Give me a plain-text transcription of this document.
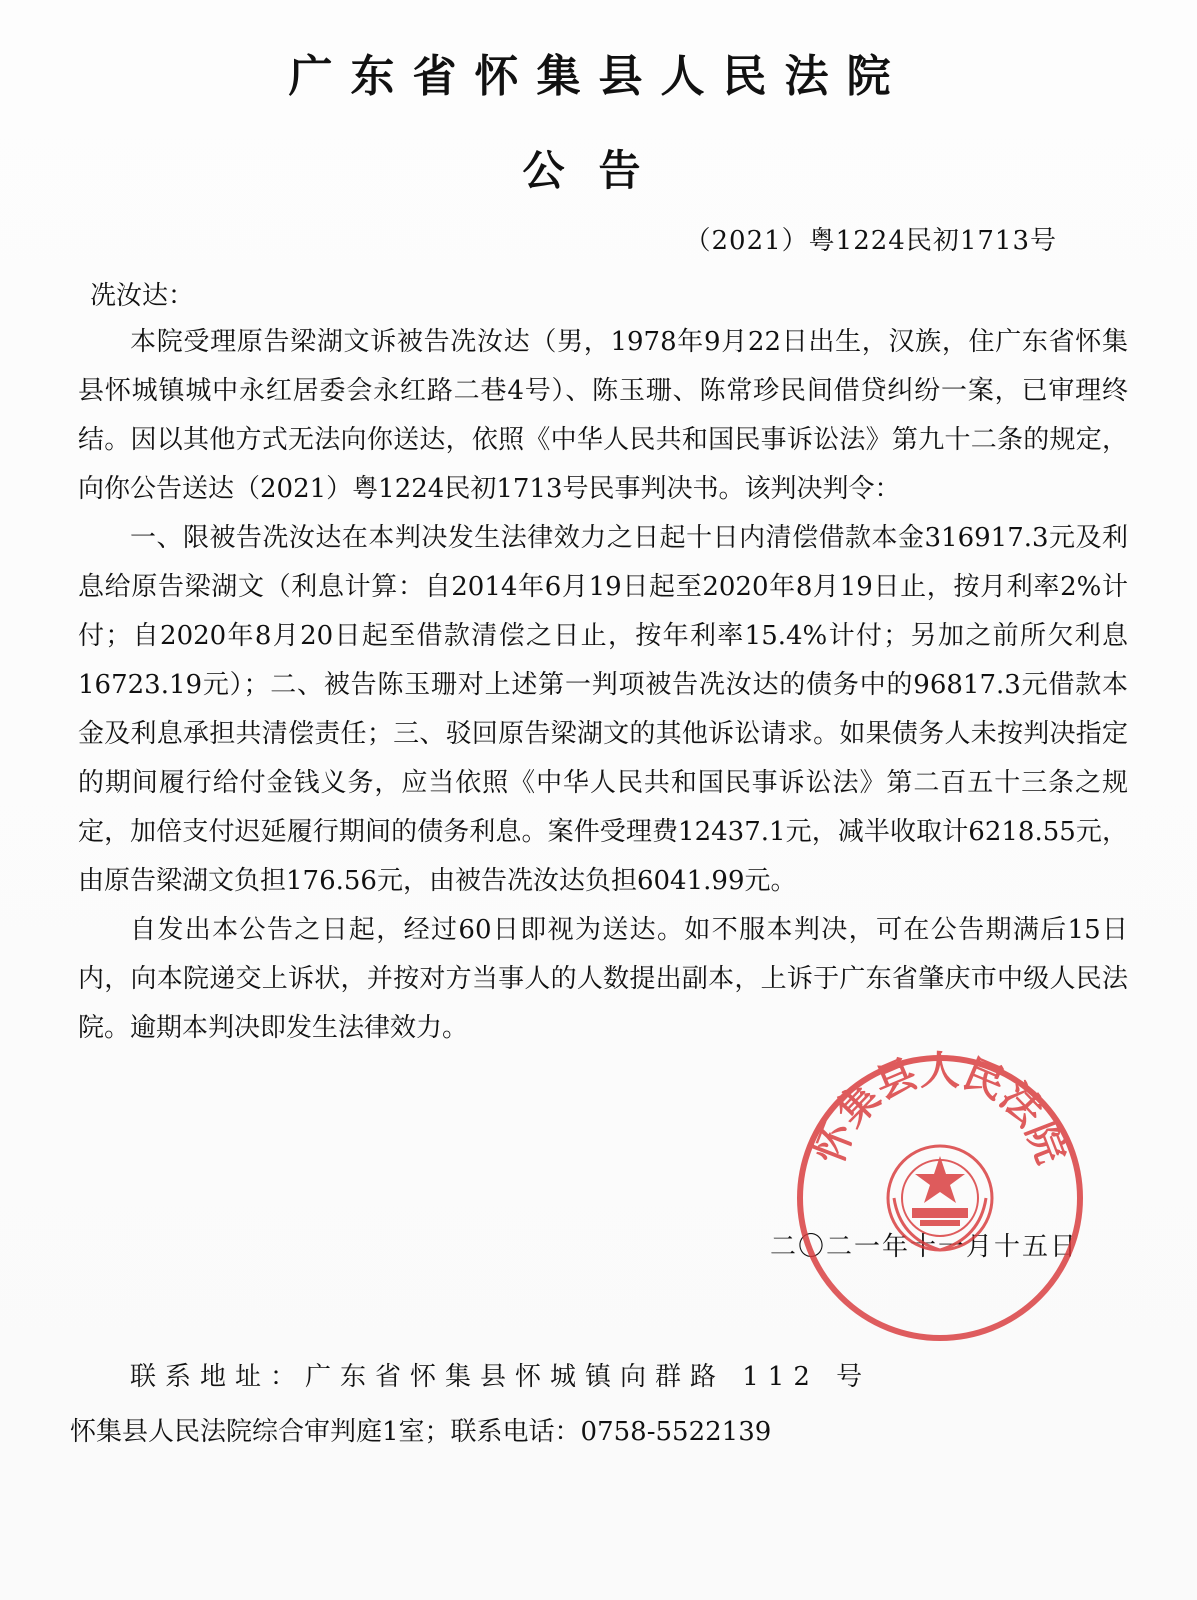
广东省怀集县人民法院
公告
（2021）粤1224民初1713号
冼汝达：

本院受理原告梁湖文诉被告冼汝达（男，1978年9月22日出生，汉族，住广东省怀集县怀城镇城中永红居委会永红路二巷4号）、陈玉珊、陈常珍民间借贷纠纷一案，已审理终结。因以其他方式无法向你送达，依照《中华人民共和国民事诉讼法》第九十二条的规定，向你公告送达（2021）粤1224民初1713号民事判决书。该判决判令：

一、限被告冼汝达在本判决发生法律效力之日起十日内清偿借款本金316917.3元及利息给原告梁湖文（利息计算：自2014年6月19日起至2020年8月19日止，按月利率2%计付；自2020年8月20日起至借款清偿之日止，按年利率15.4%计付；另加之前所欠利息16723.19元）；二、被告陈玉珊对上述第一判项被告冼汝达的债务中的96817.3元借款本金及利息承担共清偿责任；三、驳回原告梁湖文的其他诉讼请求。如果债务人未按判决指定的期间履行给付金钱义务，应当依照《中华人民共和国民事诉讼法》第二百五十三条之规定，加倍支付迟延履行期间的债务利息。案件受理费12437.1元，减半收取计6218.55元，由原告梁湖文负担176.56元，由被告冼汝达负担6041.99元。

自发出本公告之日起，经过60日即视为送达。如不服本判决，可在公告期满后15日内，向本院递交上诉状，并按对方当事人的人数提出副本，上诉于广东省肇庆市中级人民法院。逾期本判决即发生法律效力。

二〇二一年十一月十五日
联系地址：广东省怀集县怀城镇向群路 112 号
怀集县人民法院综合审判庭1室；联系电话：0758-5522139
怀集县人民法院
